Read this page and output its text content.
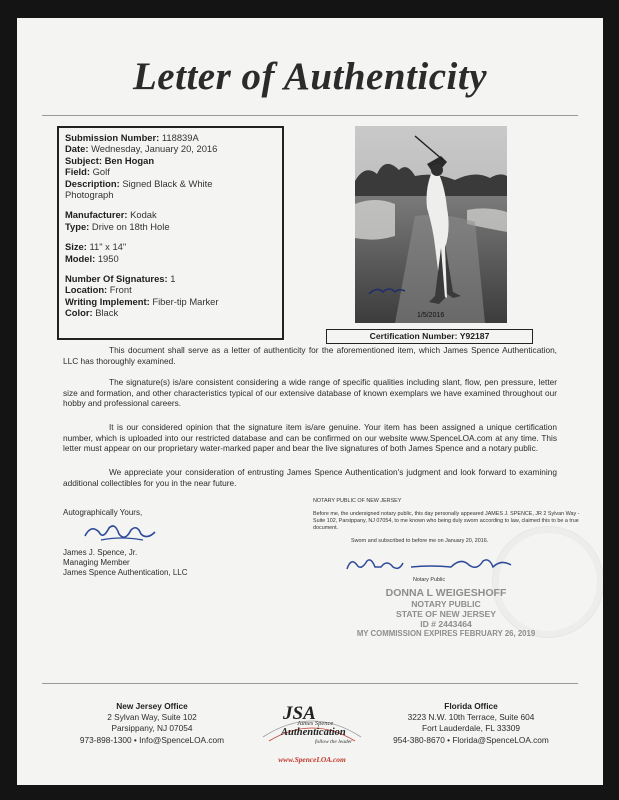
Letter of Authenticity
Submission Number: 118839A
Date: Wednesday, January 20, 2016
Subject: Ben Hogan
Field: Golf
Description: Signed Black & White
Photograph
Manufacturer: Kodak
Type: Drive on 18th Hole
Size: 11" x 14"
Model: 1950
Number Of Signatures: 1
Location: Front
Writing Implement: Fiber-tip Marker
Color: Black	1/5/2016
Certification Number: Y92187

This document shall serve as a letter of authenticity for the aforementioned item, which James Spence Authentication, LLC has thoroughly examined.

The signature(s) is/are consistent considering a wide range of specific qualities including slant, flow, pen pressure, letter size and formation, and other characteristics typical of our extensive database of known exemplars we have examined throughout our hobby and professional careers.

It is our considered opinion that the signature item is/are genuine. Your item has been assigned a unique certification number, which is uploaded into our restricted database and can be confirmed on our website www.SpenceLOA.com at any time. This letter must appear on our proprietary water-marked paper and bear the live signatures of both James Spence and a notary public.

We appreciate your consideration of entrusting James Spence Authentication's judgment and look forward to examining additional collectibles for you in the near future.

Autographically Yours,
James J. Spence, Jr.
Managing Member
James Spence Authentication, LLC
NOTARY PUBLIC OF NEW JERSEY
Before me, the undersigned notary public, this day personally appeared JAMES J. SPENCE, JR 2 Sylvan Way - Suite 102, Parsippany, NJ 07054, to me known who being duly sworn according to law, claimed this to be a true document.
Sworn and subscribed to before me on January 20, 2016.
Notary Public
DONNA L WEIGESHOFF
NOTARY PUBLIC
STATE OF NEW JERSEY
ID # 2443464
MY COMMISSION EXPIRES FEBRUARY 26, 2019
New Jersey Office
2 Sylvan Way, Suite 102
Parsippany, NJ 07054
973-898-1300 • Info@SpenceLOA.com
JSA
James Spence
Authentication
follow the leader
www.SpenceLOA.com
Florida Office
3223 N.W. 10th Terrace, Suite 604
Fort Lauderdale, FL 33309
954-380-8670 • Florida@SpenceLOA.com
